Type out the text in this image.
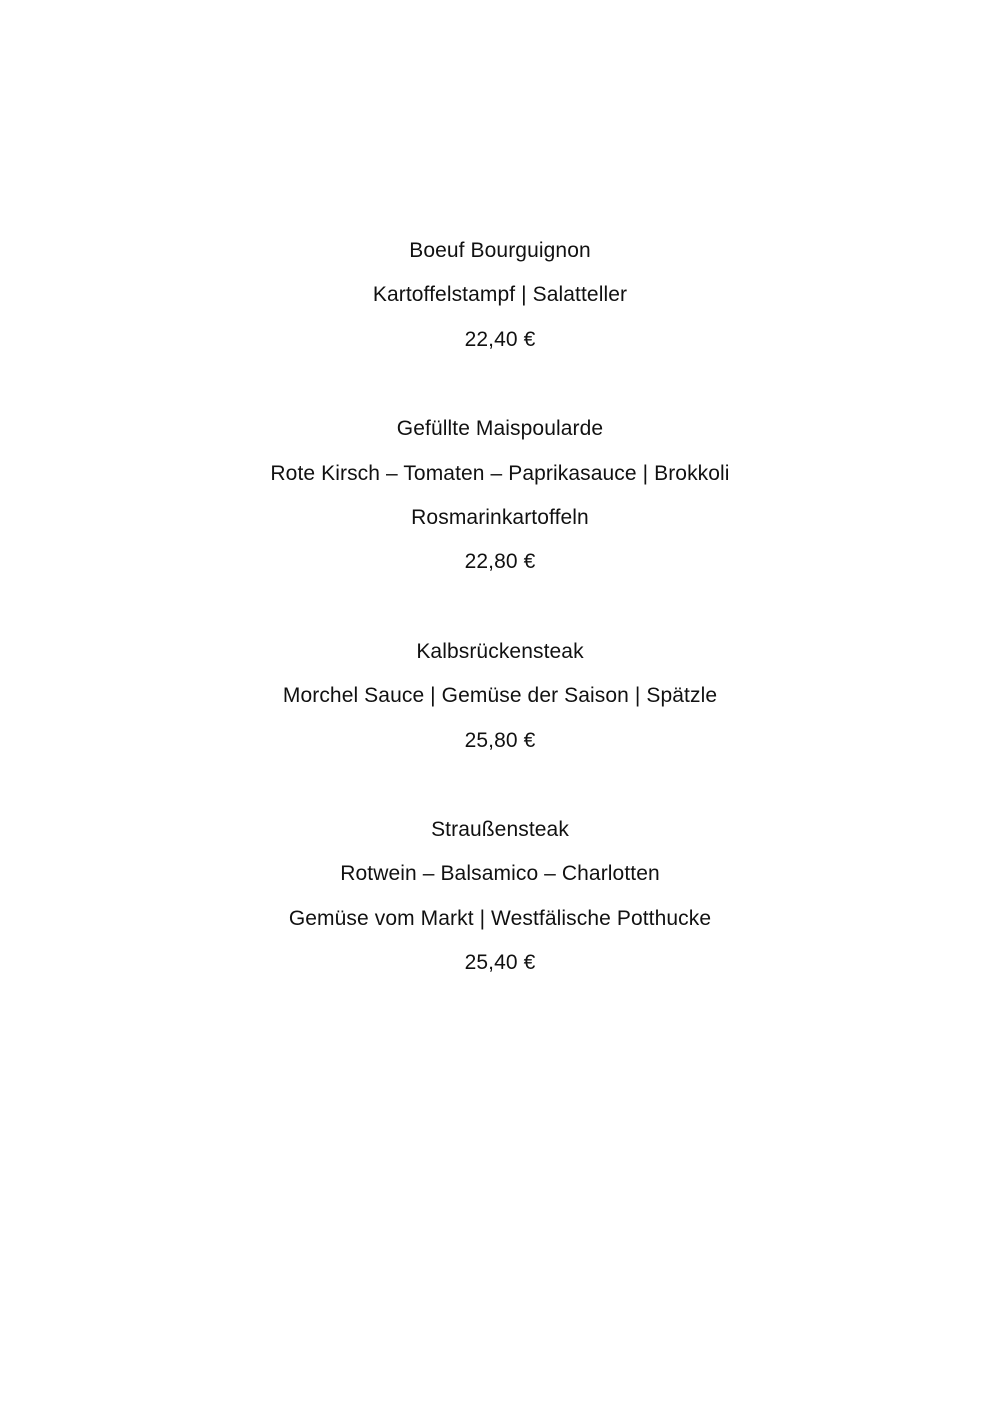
Boeuf Bourguignon
Kartoffelstampf | Salatteller
22,40 €
Gefüllte Maispoularde
Rote Kirsch – Tomaten – Paprikasauce | Brokkoli
Rosmarinkartoffeln
22,80 €
Kalbsrückensteak
Morchel Sauce | Gemüse der Saison | Spätzle
25,80 €
Straußensteak
Rotwein – Balsamico – Charlotten
Gemüse vom Markt | Westfälische Potthucke
25,40 €
